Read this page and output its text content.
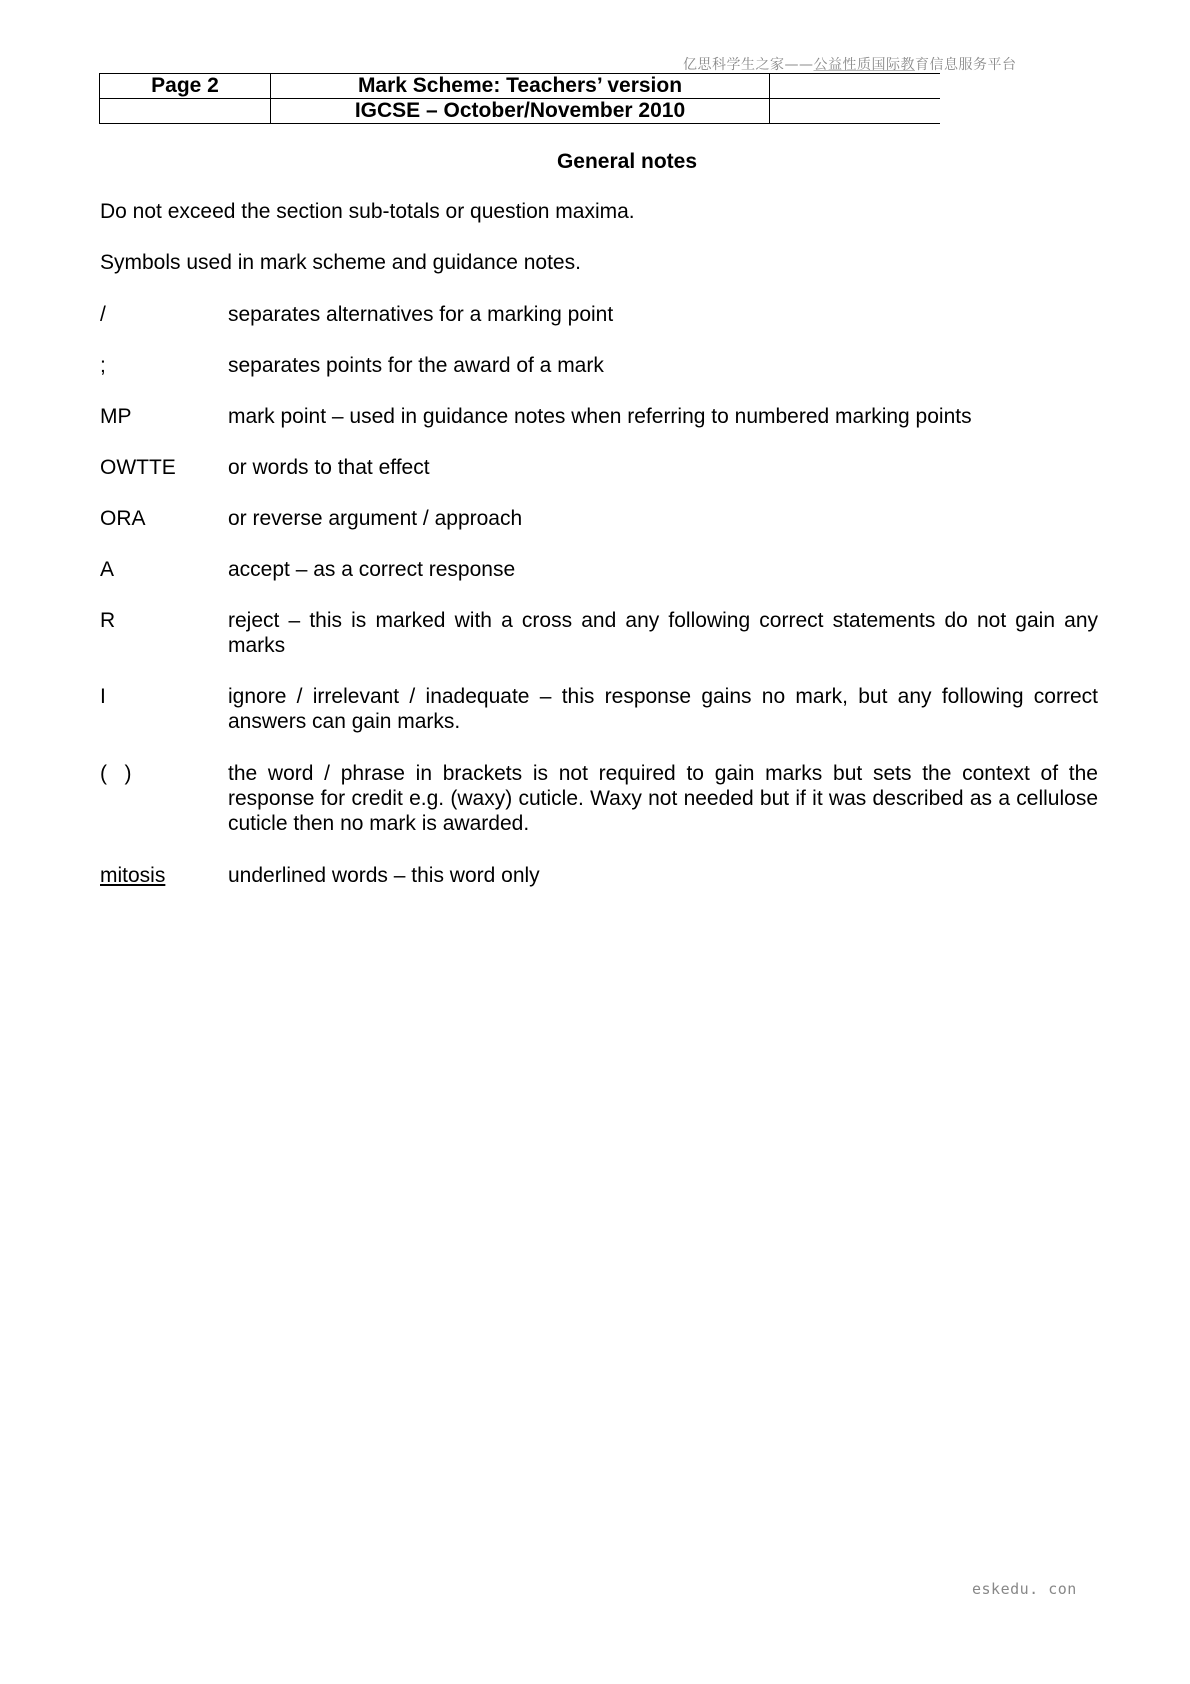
亿思科学生之家——公益性质国际教育信息服务平台
Page 2	Mark Scheme: Teachers’ version	
	IGCSE – October/November 2010	
General notes
Do not exceed the section sub-totals or question maxima.
Symbols used in mark scheme and guidance notes.
/	separates alternatives for a marking point
;	separates points for the award of a mark
MP	mark point – used in guidance notes when referring to numbered marking points
OWTTE or words to that effect
ORA	or reverse argument / approach
A	accept – as a correct response
R	reject – this is marked with a cross and any following correct statements do not gain any marks
I	ignore / irrelevant / inadequate – this response gains no mark, but any following correct answers can gain marks.
(   )	the word / phrase in brackets is not required to gain marks but sets the context of the response for credit e.g. (waxy) cuticle. Waxy not needed but if it was described as a cellulose cuticle then no mark is awarded.
mitosis	underlined words – this word only
eskedu. con
